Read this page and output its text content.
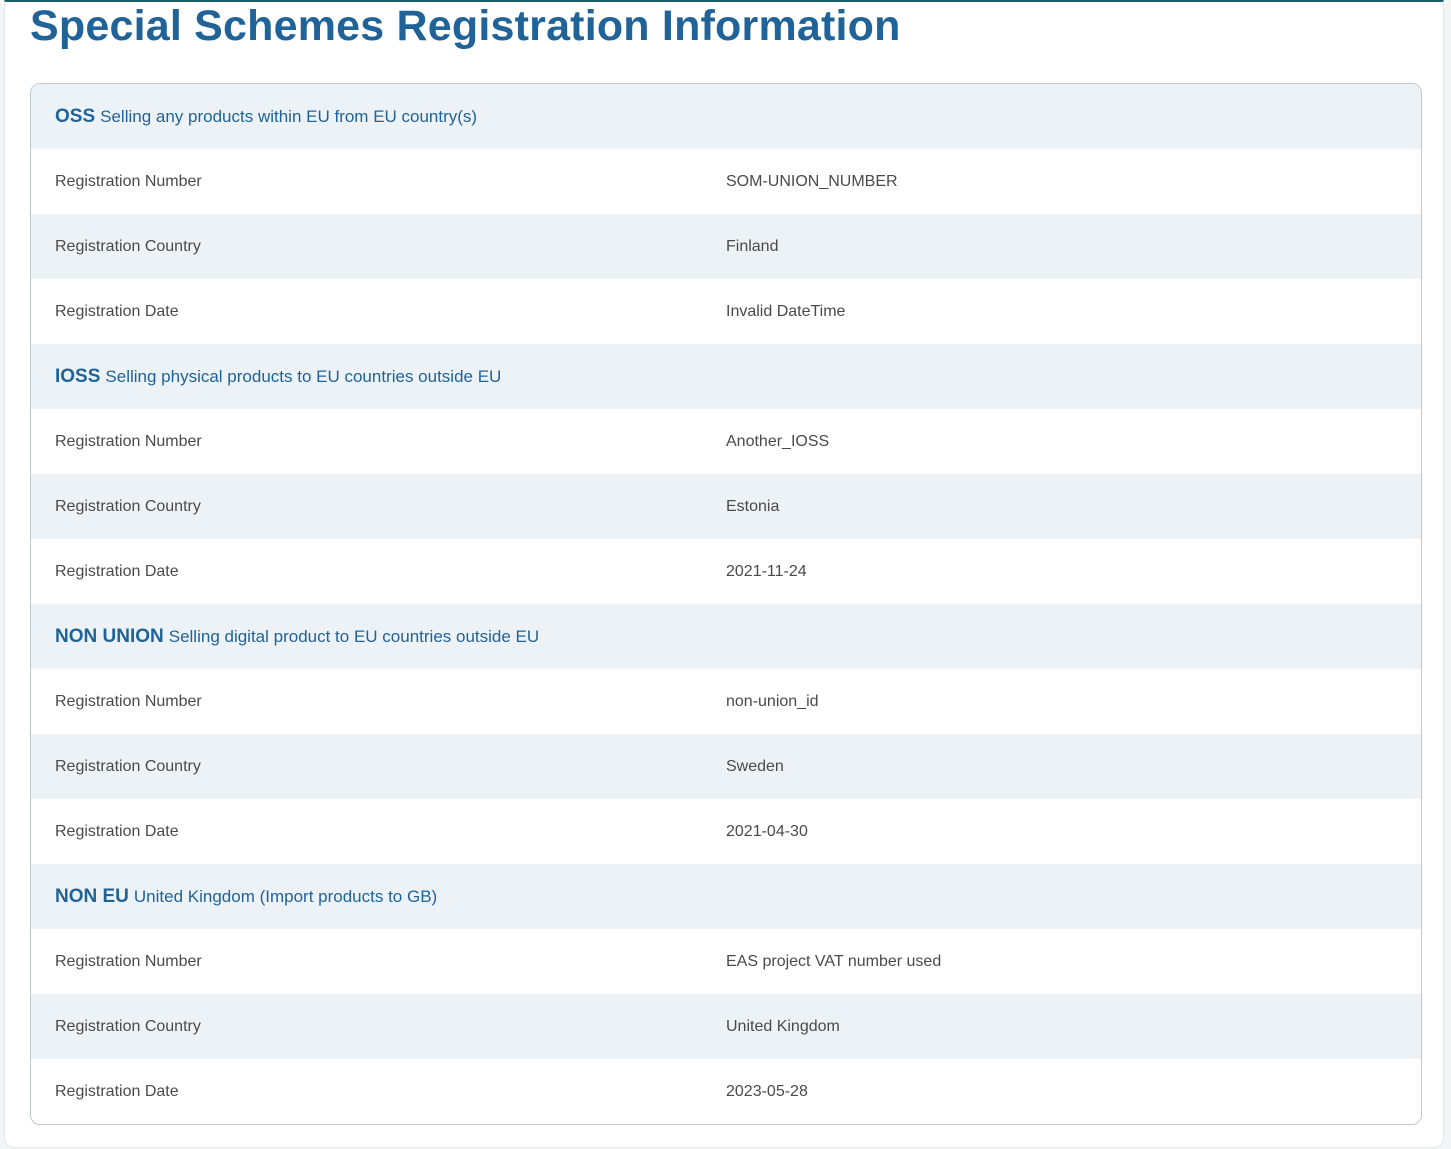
Special Schemes Registration Information
OSS Selling any products within EU from EU country(s)
Registration Number	SOM-UNION_NUMBER
Registration Country	Finland
Registration Date	Invalid DateTime
IOSS Selling physical products to EU countries outside EU
Registration Number	Another_IOSS
Registration Country	Estonia
Registration Date	2021-11-24
NON UNION Selling digital product to EU countries outside EU
Registration Number	non-union_id
Registration Country	Sweden
Registration Date	2021-04-30
NON EU United Kingdom (Import products to GB)
Registration Number	EAS project VAT number used
Registration Country	United Kingdom
Registration Date	2023-05-28
